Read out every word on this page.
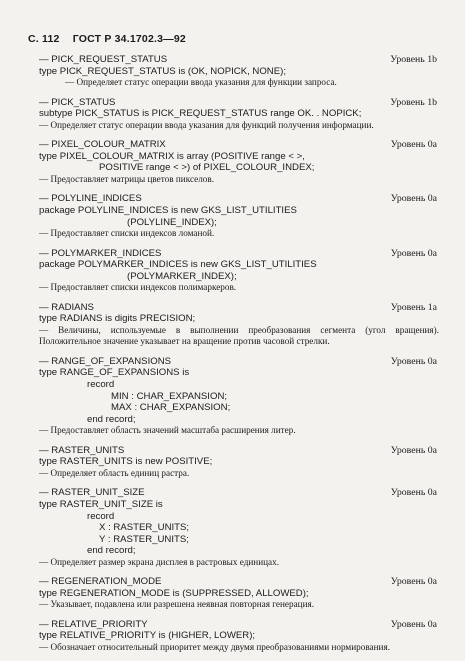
С. 112 ГОСТ Р 34.1702.3—92
— PICK_REQUEST_STATUS	Уровень 1b
type PICK_REQUEST_STATUS is (OK, NOPICK, NONE);
— Определяет статус операции ввода указания для функции запроса.
— PICK_STATUS	Уровень 1b
subtype PICK_STATUS is PICK_REQUEST_STATUS range OK. . NOPICK;
— Определяет статус операции ввода указания для функций получения информации.
— PIXEL_COLOUR_MATRIX	Уровень 0а
type PIXEL_COLOUR_MATRIX is array (POSITIVE range < >,
POSITIVE range < >) of PIXEL_COLOUR_INDEX;
— Предоставляет матрицы цветов пикселов.
— POLYLINE_INDICES	Уровень 0а
package POLYLINE_INDICES is new GKS_LIST_UTILITIES
(POLYLINE_INDEX);
— Предоставляет списки индексов ломаной.
— POLYMARKER_INDICES	Уровень 0а
package POLYMARKER_INDICES is new GKS_LIST_UTILITIES
(POLYMARKER_INDEX);
— Предоставляет списки индексов полимаркеров.
— RADIANS	Уровень 1а
type RADIANS is digits PRECISION;
— Величины, используемые в выполнении преобразования сегмента (угол вращения). Положительное значение указывает на вращение против часовой стрелки.
— RANGE_OF_EXPANSIONS	Уровень 0а
type RANGE_OF_EXPANSIONS is
record
MIN : CHAR_EXPANSION;
MAX : CHAR_EXPANSION;
end record;
— Предоставляет область значений масштаба расширения литер.
— RASTER_UNITS	Уровень 0а
type RASTER_UNITS is new POSITIVE;
— Определяет область единиц растра.
— RASTER_UNIT_SIZE	Уровень 0а
type RASTER_UNIT_SIZE is
record
X : RASTER_UNITS;
Y : RASTER_UNITS;
end record;
— Определяет размер экрана дисплея в растровых единицах.
— REGENERATION_MODE	Уровень 0а
type REGENERATION_MODE is (SUPPRESSED, ALLOWED);
— Указывает, подавлена или разрешена неявная повторная генерация.
— RELATIVE_PRIORITY	Уровень 0а
type RELATIVE_PRIORITY is (HIGHER, LOWER);
— Обозначает относительный приоритет между двумя преобразованиями нормирования.
